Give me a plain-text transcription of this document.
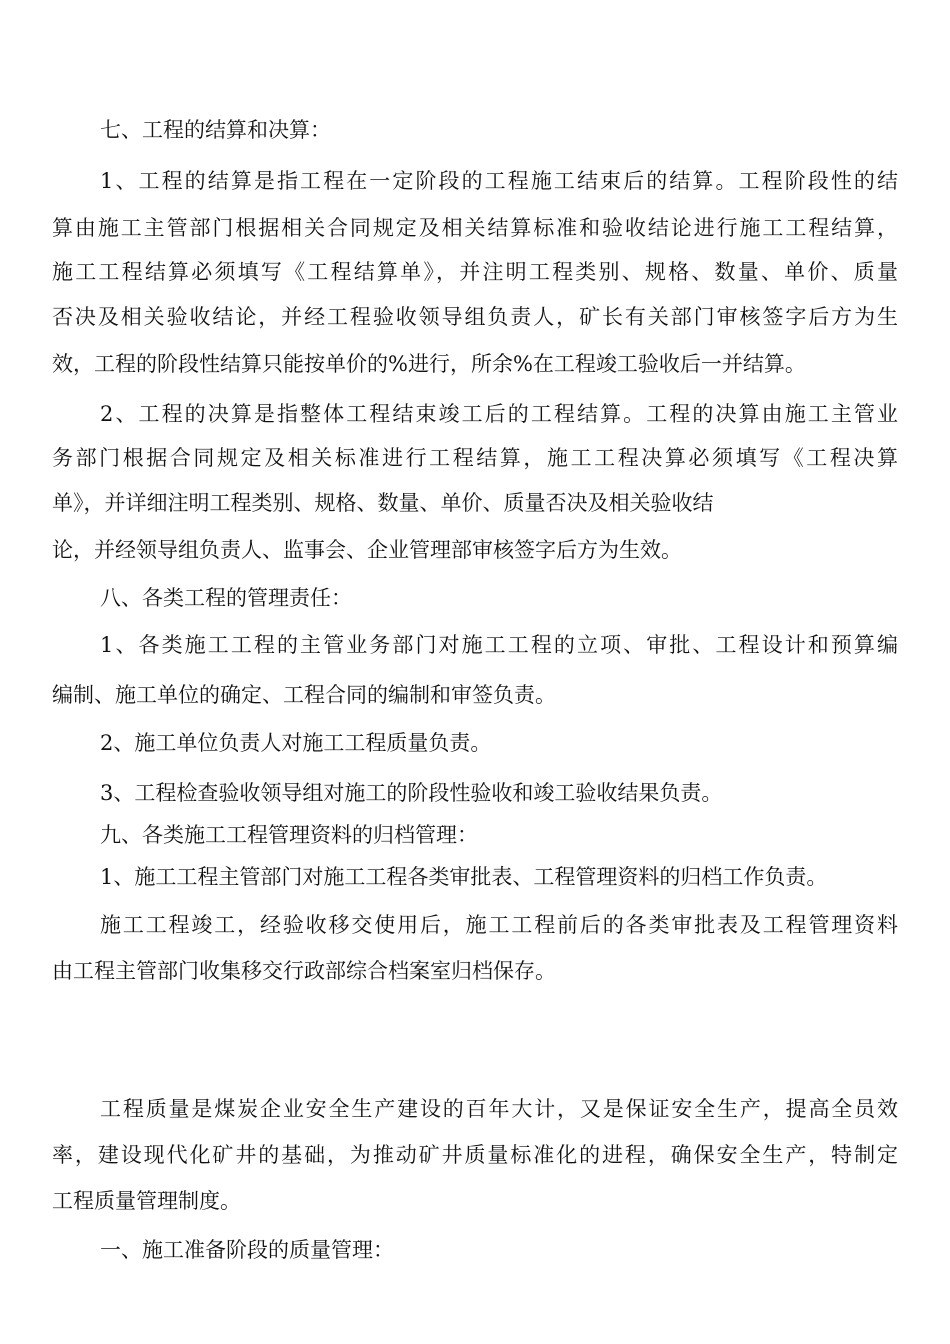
七、工程的结算和决算：
1、工程的结算是指工程在一定阶段的工程施工结束后的结算。工程阶段性的结
算由施工主管部门根据相关合同规定及相关结算标准和验收结论进行施工工程结算，
施工工程结算必须填写《工程结算单》，并注明工程类别、规格、数量、单价、质量
否决及相关验收结论，并经工程验收领导组负责人，矿长有关部门审核签字后方为生
效，工程的阶段性结算只能按单价的%进行，所余%在工程竣工验收后一并结算。
2、工程的决算是指整体工程结束竣工后的工程结算。工程的决算由施工主管业
务部门根据合同规定及相关标准进行工程结算，施工工程决算必须填写《工程决算
单》，并详细注明工程类别、规格、数量、单价、质量否决及相关验收结
论，并经领导组负责人、监事会、企业管理部审核签字后方为生效。
八、各类工程的管理责任：
1、各类施工工程的主管业务部门对施工工程的立项、审批、工程设计和预算编
编制、施工单位的确定、工程合同的编制和审签负责。
2、施工单位负责人对施工工程质量负责。
3、工程检查验收领导组对施工的阶段性验收和竣工验收结果负责。
九、各类施工工程管理资料的归档管理：
1、施工工程主管部门对施工工程各类审批表、工程管理资料的归档工作负责。
施工工程竣工，经验收移交使用后，施工工程前后的各类审批表及工程管理资料
由工程主管部门收集移交行政部综合档案室归档保存。
工程质量是煤炭企业安全生产建设的百年大计，又是保证安全生产，提高全员效
率，建设现代化矿井的基础，为推动矿井质量标准化的进程，确保安全生产，特制定
工程质量管理制度。
一、施工准备阶段的质量管理：
